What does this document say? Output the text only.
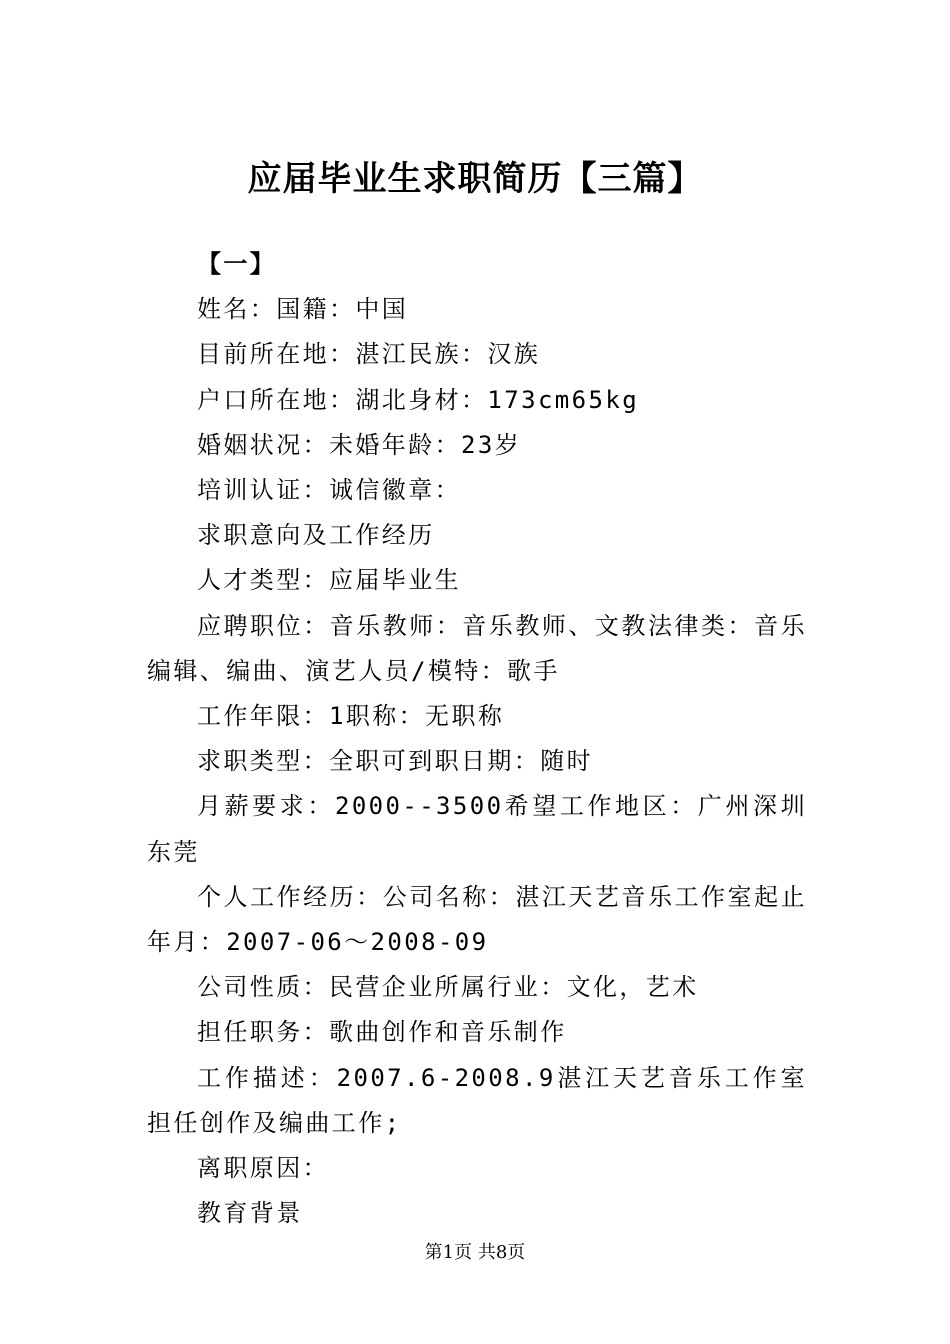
应届毕业生求职简历【三篇】

【一】

姓名：国籍：中国

目前所在地：湛江民族：汉族

户口所在地：湖北身材：173cm65kg

婚姻状况：未婚年龄：23岁

培训认证：诚信徽章：

求职意向及工作经历

人才类型：应届毕业生

应聘职位：音乐教师：音乐教师、文教法律类：音乐编辑、编曲、演艺人员/模特：歌手

工作年限：1职称：无职称

求职类型：全职可到职日期：随时

月薪要求：2000--3500希望工作地区：广州深圳东莞

个人工作经历：公司名称：湛江天艺音乐工作室起止年月：2007-06～2008-09

公司性质：民营企业所属行业：文化，艺术

担任职务：歌曲创作和音乐制作

工作描述：2007.6-2008.9湛江天艺音乐工作室担任创作及编曲工作;

离职原因：

教育背景

第1页 共8页
